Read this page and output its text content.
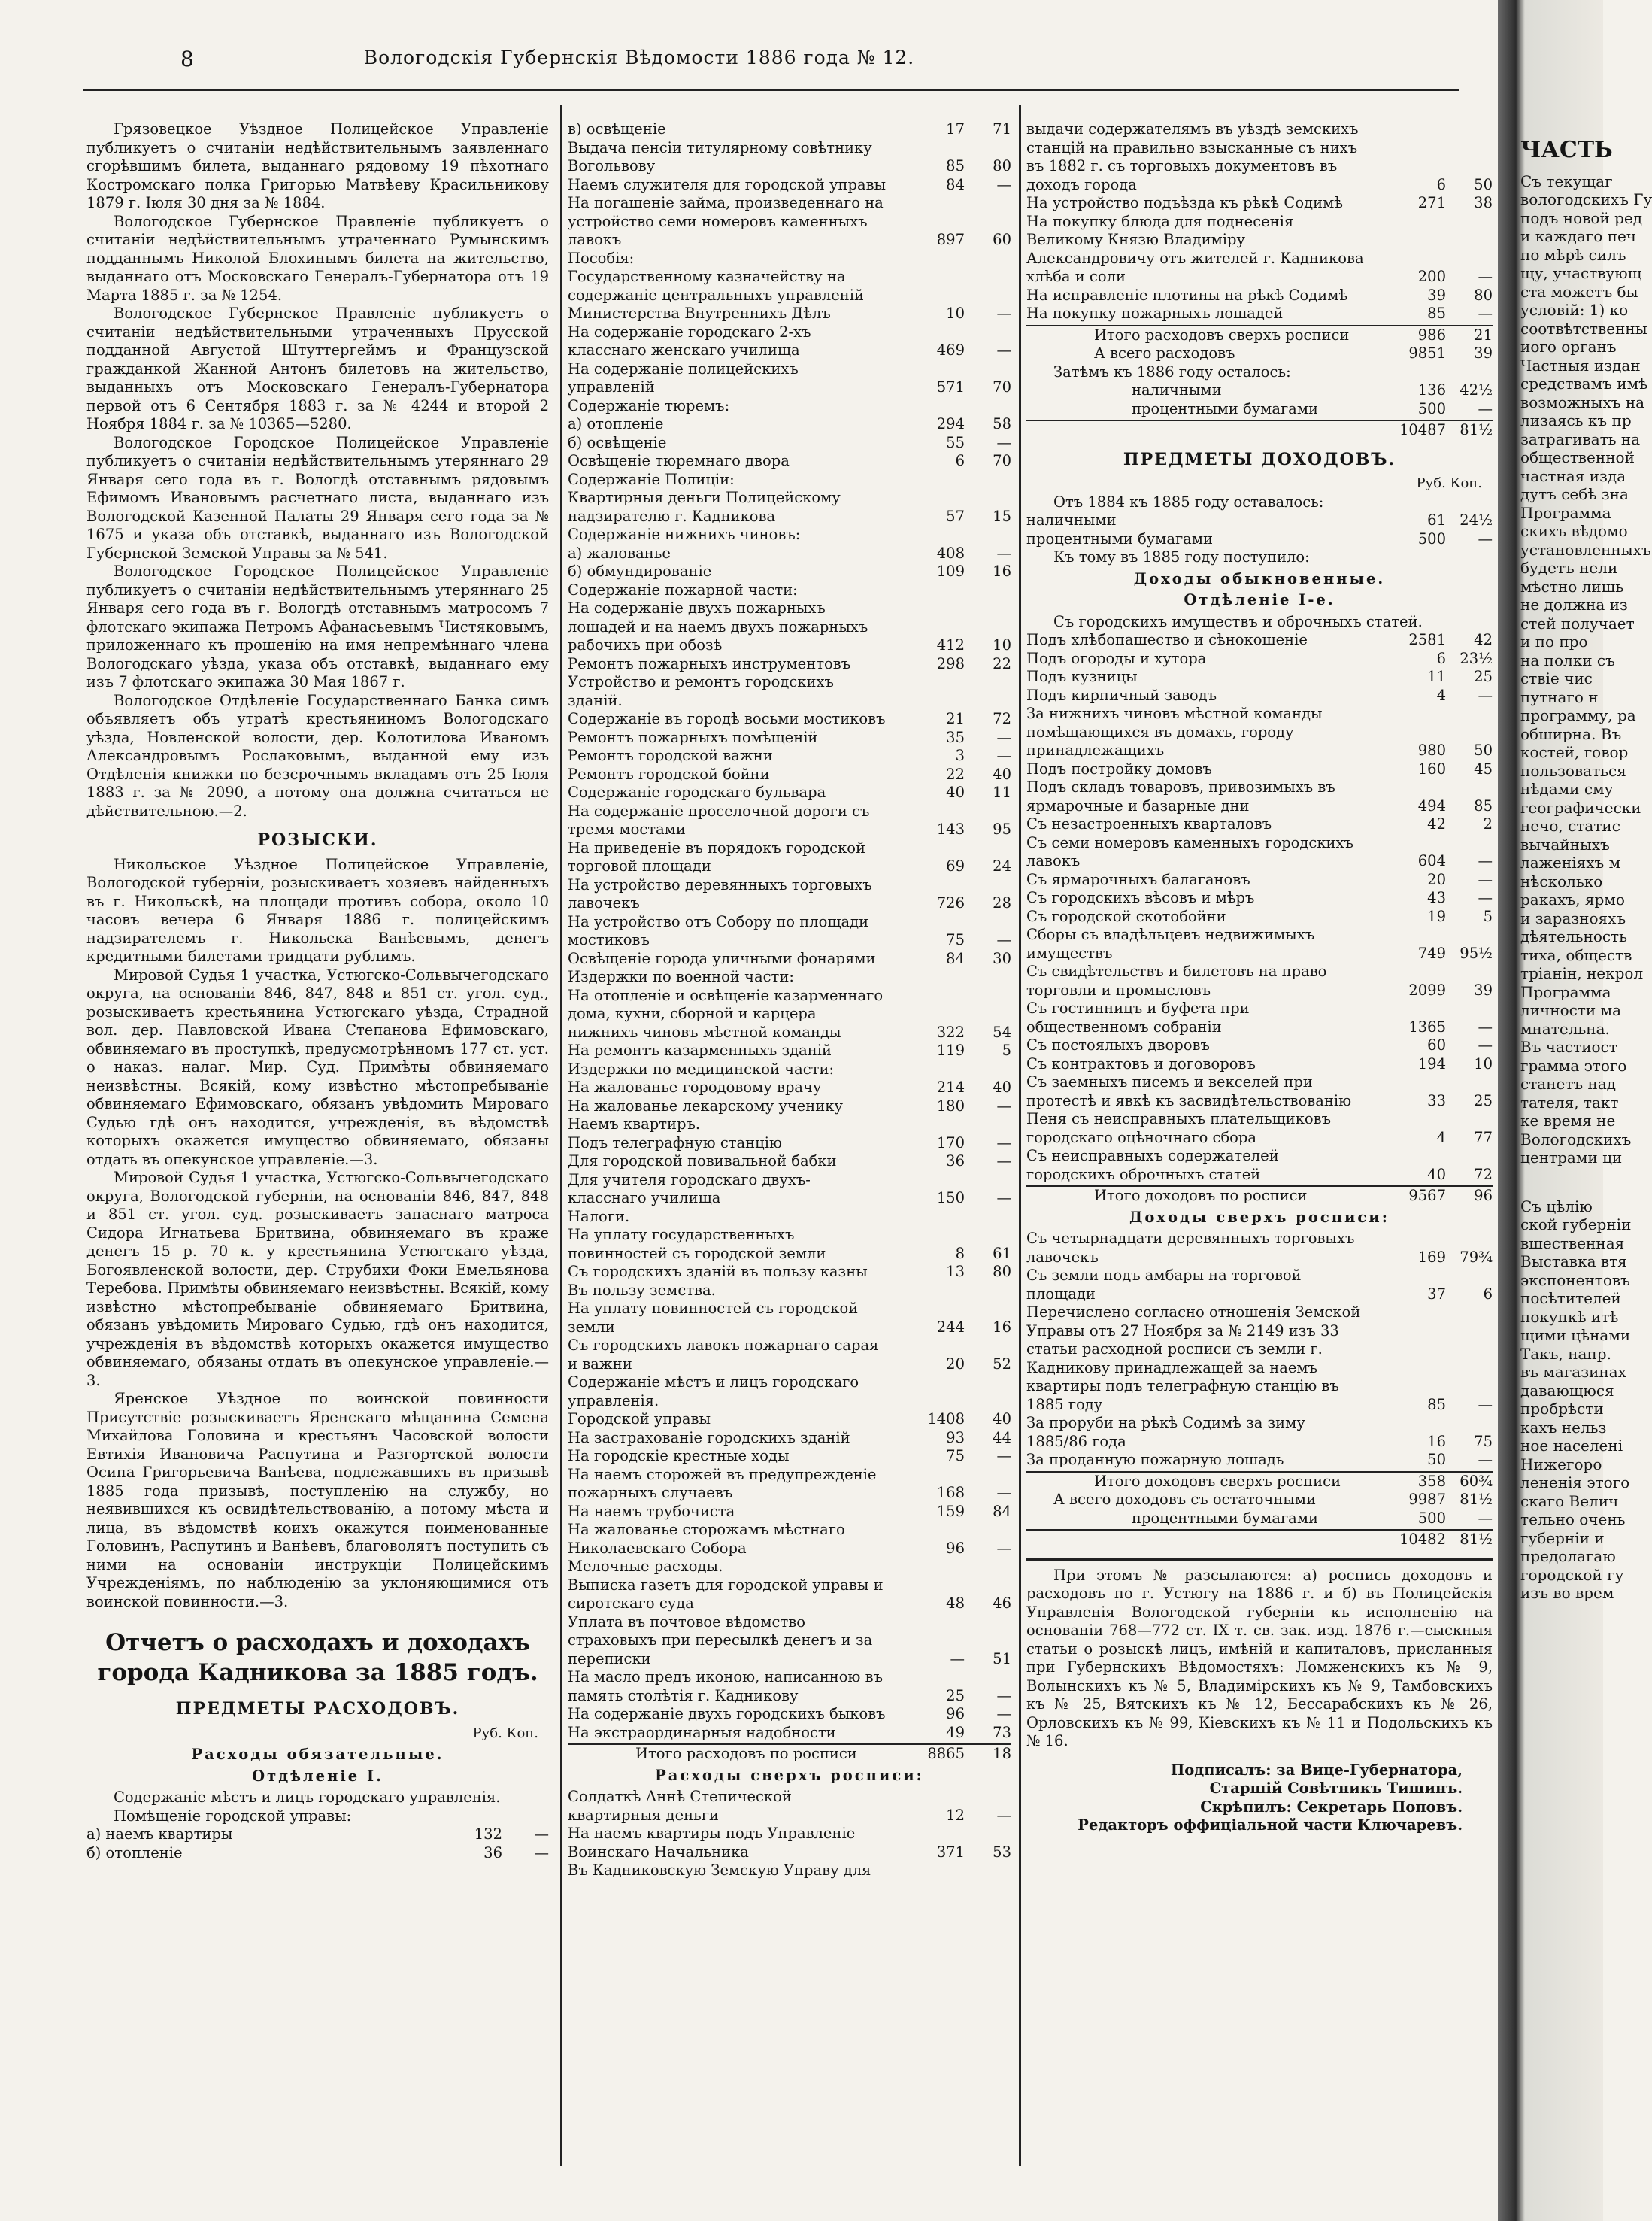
8	Вологодскія Губернскія Вѣдомости 1886 года № 12.

Грязовецкое Уѣздное Полицейское Управленіе публикуетъ о считаніи недѣйствительнымъ заявленнаго сгорѣвшимъ билета, выданнаго рядовому 19 пѣхотнаго Костромскаго полка Григорью Матвѣеву Красильникову 1879 г. Іюля 30 дня за № 1884.

Вологодское Губернское Правленіе публикуетъ о считаніи недѣйствительнымъ утраченнаго Румынскимъ подданнымъ Николой Блохинымъ билета на жительство, выданнаго отъ Московскаго Генералъ-Губернатора отъ 19 Марта 1885 г. за № 1254.

Вологодское Губернское Правленіе публикуетъ о считаніи недѣйствительными утраченныхъ Прусской подданной Августой Штуттергеймъ и Французской гражданкой Жанной Антонъ билетовъ на жительство, выданныхъ отъ Московскаго Генералъ-Губернатора первой отъ 6 Сентября 1883 г. за № 4244 и второй 2 Ноября 1884 г. за № 10365—5280.

Вологодское Городское Полицейское Управленіе публикуетъ о считаніи недѣйствительнымъ утеряннаго 29 Января сего года въ г. Вологдѣ отставнымъ рядовымъ Ефимомъ Ивановымъ расчетнаго листа, выданнаго изъ Вологодской Казенной Палаты 29 Января сего года за № 1675 и указа объ отставкѣ, выданнаго изъ Вологодской Губернской Земской Управы за № 541.

Вологодское Городское Полицейское Управленіе публикуетъ о считаніи недѣйствительнымъ утеряннаго 25 Января сего года въ г. Вологдѣ отставнымъ матросомъ 7 флотскаго экипажа Петромъ Афанасьевымъ Чистяковымъ, приложеннаго къ прошенію на имя непремѣннаго члена Вологодскаго уѣзда, указа объ отставкѣ, выданнаго ему изъ 7 флотскаго экипажа 30 Мая 1867 г.

Вологодское Отдѣленіе Государственнаго Банка симъ объявляетъ объ утратѣ крестьяниномъ Вологодскаго уѣзда, Новленской волости, дер. Колотилова Иваномъ Александровымъ Рослаковымъ, выданной ему изъ Отдѣленія книжки по безсрочнымъ вкладамъ отъ 25 Іюля 1883 г. за № 2090, а потому она должна считаться не дѣйствительною.—2.

РОЗЫСКИ.

Никольское Уѣздное Полицейское Управленіе, Вологодской губерніи, розыскиваетъ хозяевъ найденныхъ въ г. Никольскѣ, на площади противъ собора, около 10 часовъ вечера 6 Января 1886 г. полицейскимъ надзирателемъ г. Никольска Ванѣевымъ, денегъ кредитными билетами тридцати рублимъ.

Мировой Судья 1 участка, Устюгско-Сольвычегодскаго округа, на основаніи 846, 847, 848 и 851 ст. угол. суд., розыскиваетъ крестьянина Устюгскаго уѣзда, Страдной вол. дер. Павловской Ивана Степанова Ефимовскаго, обвиняемаго въ проступкѣ, предусмотрѣнномъ 177 ст. уст. о наказ. налаг. Мир. Суд. Примѣты обвиняемаго неизвѣстны. Всякій, кому извѣстно мѣстопребываніе обвиняемаго Ефимовскаго, обязанъ увѣдомить Мироваго Судью гдѣ онъ находится, учрежденія, въ вѣдомствѣ которыхъ окажется имущество обвиняемаго, обязаны отдать въ опекунское управленіе.—3.

Мировой Судья 1 участка, Устюгско-Сольвычегодскаго округа, Вологодской губерніи, на основаніи 846, 847, 848 и 851 ст. угол. суд. розыскиваетъ запаснаго матроса Сидора Игнатьева Бритвина, обвиняемаго въ краже денегъ 15 р. 70 к. у крестьянина Устюгскаго уѣзда, Богоявленской волости, дер. Струбихи Фоки Емельянова Теребова. Примѣты обвиняемаго неизвѣстны. Всякій, кому извѣстно мѣстопребываніе обвиняемаго Бритвина, обязанъ увѣдомить Мироваго Судью, гдѣ онъ находится, учрежденія въ вѣдомствѣ которыхъ окажется имущество обвиняемаго, обязаны отдать въ опекунское управленіе.—3.

Яренское Уѣздное по воинской повинности Присутствіе розыскиваетъ Яренскаго мѣщанина Семена Михайлова Головина и крестьянъ Часовской волости Евтихія Ивановича Распутина и Разгортской волости Осипа Григорьевича Ванѣева, подлежавшихъ въ призывѣ 1885 года призывѣ, поступленію на службу, но неявившихся къ освидѣтельствованію, а потому мѣста и лица, въ вѣдомствѣ коихъ окажутся поименованные Головинъ, Распутинъ и Ванѣевъ, благоволятъ поступить съ ними на основаніи инструкціи Полицейскимъ Учрежденіямъ, по наблюденію за уклоняющимися отъ воинской повинности.—3.

Отчетъ о расходахъ и доходахъ города Кадникова за 1885 годъ.
ПРЕДМЕТЫ РАСХОДОВЪ.
Руб. Коп.
Расходы обязательные.
Отдѣленіе I.

Содержаніе мѣстъ и лицъ городскаго управленія.

Помѣщеніе городской управы:

а) наемъ квартиры	132	—
б) отопленіе	36	—
в) освѣщеніе	17	71
Выдача пенсіи титулярному совѣтнику Вогольвову	85	80
Наемъ служителя для городской управы	84	—
На погашеніе займа, произведеннаго на устройство семи номеровъ каменныхъ лавокъ	897	60
Пособія:
Государственному казначейству на содержаніе центральныхъ управленій Министерства Внутреннихъ Дѣлъ	10	—
На содержаніе городскаго 2-хъ класснаго женскаго училища	469	—
На содержаніе полицейскихъ управленій	571	70
Содержаніе тюремъ:
а) отопленіе	294	58
б) освѣщеніе	55	—
Освѣщеніе тюремнаго двора	6	70
Содержаніе Полиціи:
Квартирныя деньги Полицейскому надзирателю г. Кадникова	57	15
Содержаніе нижнихъ чиновъ:
а) жалованье	408	—
б) обмундированіе	109	16
Содержаніе пожарной части:
На содержаніе двухъ пожарныхъ лошадей и на наемъ двухъ пожарныхъ рабочихъ при обозѣ	412	10
Ремонтъ пожарныхъ инструментовъ	298	22
Устройство и ремонтъ городскихъ зданій.
Содержаніе въ городѣ восьми мостиковъ	21	72
Ремонтъ пожарныхъ помѣщеній	35	—
Ремонтъ городской важни	3	—
Ремонтъ городской бойни	22	40
Содержаніе городскаго бульвара	40	11
На содержаніе проселочной дороги съ тремя мостами	143	95
На приведеніе въ порядокъ городской торговой площади	69	24
На устройство деревянныхъ торговыхъ лавочекъ	726	28
На устройство отъ Собору по площади мостиковъ	75	—
Освѣщеніе города уличными фонарями	84	30
Издержки по военной части:
На отопленіе и освѣщеніе казарменнаго дома, кухни, сборной и карцера нижнихъ чиновъ мѣстной команды	322	54
На ремонтъ казарменныхъ зданій	119	5
Издержки по медицинской части:
На жалованье городовому врачу	214	40
На жалованье лекарскому ученику	180	—
Наемъ квартиръ.
Подъ телеграфную станцію	170	—
Для городской повивальной бабки	36	—
Для учителя городскаго двухъ-класснаго училища	150	—
Налоги.
На уплату государственныхъ повинностей съ городской земли	8	61
Съ городскихъ зданій въ пользу казны	13	80
Въ пользу земства.
На уплату повинностей съ городской земли	244	16
Съ городскихъ лавокъ пожарнаго сарая и важни	20	52
Содержаніе мѣстъ и лицъ городскаго управленія.
Городской управы	1408	40
На застрахованіе городскихъ зданій	93	44
На городскіе крестные ходы	75	—
На наемъ сторожей въ предупрежденіе пожарныхъ случаевъ	168	—
На наемъ трубочиста	159	84
На жалованье сторожамъ мѣстнаго Николаевскаго Собора	96	—
Мелочные расходы.
Выписка газетъ для городской управы и сиротскаго суда	48	46
Уплата въ почтовое вѣдомство страховыхъ при пересылкѣ денегъ и за переписки	—	51
На масло предъ иконою, написанною въ память столѣтія г. Кадникову	25	—
На содержаніе двухъ городскихъ быковъ	96	—
На экстраординарныя надобности	49	73
Итого расходовъ по росписи	8865	18
Расходы сверхъ росписи:
Солдаткѣ Аннѣ Степической квартирныя деньги	12	—
На наемъ квартиры подъ Управленіе Воинскаго Начальника	371	53
Въ Кадниковскую Земскую Управу для
выдачи содержателямъ въ уѣздѣ земскихъ станцій на правильно взысканные съ нихъ въ 1882 г. съ торговыхъ документовъ въ доходъ города	6	50
На устройство подъѣзда къ рѣкѣ Содимѣ	271	38
На покупку блюда для поднесенія Великому Князю Владиміру Александровичу отъ жителей г. Кадникова хлѣба и соли	200	—
На исправленіе плотины на рѣкѣ Содимѣ	39	80
На покупку пожарныхъ лошадей	85	—
Итого расходовъ сверхъ росписи	986	21
А всего расходовъ	9851	39

Затѣмъ къ 1886 году осталось:

наличными	136 42½
процентными бумагами	500	—
10487 81½
ПРЕДМЕТЫ ДОХОДОВЪ.
Руб. Коп.

Отъ 1884 къ 1885 году оставалось:

наличными	61 24½
процентными бумагами	500	—

Къ тому въ 1885 году поступило:

Доходы обыкновенные.
Отдѣленіе I-е.

Съ городскихъ имуществъ и оброчныхъ статей.

Подъ хлѣбопашество и сѣнокошеніе	2581	42
Подъ огороды и хутора	6 23½
Подъ кузницы	11	25
Подъ кирпичный заводъ	4	—
За нижнихъ чиновъ мѣстной команды помѣщающихся въ домахъ, городу принадлежащихъ	980	50
Подъ постройку домовъ	160	45
Подъ складъ товаровъ, привозимыхъ въ ярмарочные и базарные дни	494	85
Съ незастроенныхъ кварталовъ	42	2
Съ семи номеровъ каменныхъ городскихъ лавокъ	604	—
Съ ярмарочныхъ балагановъ	20	—
Съ городскихъ вѣсовъ и мѣръ	43	—
Съ городской скотобойни	19	5
Сборы съ владѣльцевъ недвижимыхъ имуществъ	749 95½
Съ свидѣтельствъ и билетовъ на право торговли и промысловъ	2099	39
Съ гостинницъ и буфета при общественномъ собраніи	1365	—
Съ постоялыхъ дворовъ	60	—
Съ контрактовъ и договоровъ	194	10
Съ заемныхъ писемъ и векселей при протестѣ и явкѣ къ засвидѣтельствованію	33	25
Пеня съ неисправныхъ плательщиковъ городскаго оцѣночнаго сбора	4	77
Съ неисправныхъ содержателей городскихъ оброчныхъ статей	40	72
Итого доходовъ по росписи	9567	96
Доходы сверхъ росписи:
Съ четырнадцати деревянныхъ торговыхъ лавочекъ	169 79¾
Съ земли подъ амбары на торговой площади	37	6
Перечислено согласно отношенія Земской Управы отъ 27 Ноября за № 2149 изъ 33 статьи расходной росписи съ земли г. Кадникову принадлежащей за наемъ квартиры подъ телеграфную станцію въ 1885 году	85	—
За проруби на рѣкѣ Содимѣ за зиму 1885/86 года	16	75
За проданную пожарную лошадь	50	—
Итого доходовъ сверхъ росписи	358 60¾
А всего доходовъ съ остаточными	9987 81½
процентными бумагами	500	—
10482 81½

При этомъ № разсылаются: а) роспись доходовъ и расходовъ по г. Устюгу на 1886 г. и б) въ Полицейскія Управленія Вологодской губерніи къ исполненію на основаніи 768—772 ст. IX т. св. зак. изд. 1876 г.—сыскныя статьи о розыскѣ лицъ, имѣній и капиталовъ, присланныя при Губернскихъ Вѣдомостяхъ: Ломженскихъ къ № 9, Волынскихъ къ № 5, Владимірскихъ къ № 9, Тамбовскихъ къ № 25, Вятскихъ къ № 12, Бессарабскихъ къ № 26, Орловскихъ къ № 99, Кіевскихъ къ № 11 и Подольскихъ къ № 16.

Подписалъ: за Вице-Губернатора,
Старшій Совѣтникъ Тишинъ.
Скрѣпилъ: Секретарь Поповъ.
Редакторъ оффиціальной части Ключаревъ.
ЧАСТЬ
Съ текущаг
вологодскихъ Гу
подъ новой ред
и каждаго печ
по мѣрѣ силъ
щу, участвующ
ста можетъ бы
условій: 1) ко
соотвѣтственны
иого органъ
Частныя издан
средствамъ имѣ
возможныхъ на
лизаясь къ пр
затрагивать на
общественной
частная изда
дутъ себѣ зна
Программа
скихъ вѣдомо
установленныхъ
будетъ нели
мѣстно лишь
не должна из
стей получает
и по про
на полки съ
ствіе чис
путнаго н
программу, ра
обширна. Въ
костей, говор
пользоваться
нѣдами сму
географически
нечо, статис
вычайныхъ
лаженіяхъ м
нѣсколько
ракахъ, ярмо
и заразнояхъ
дѣятельность
тиха, обществ
тріанін, некрол
Программа
личности ма
мнательна.
Въ частиост
грамма этого
станетъ над
тателя, такт
ке время не
Вологодскихъ
центрами ци
Съ цѣлію
ской губерніи
вшественная
Выставка втя
экспонентовъ
посѣтителей
покупкѣ итѣ
щими цѣнами
Такъ, напр.
въ магазинах
давающюся
пробрѣсти
кахъ нельз
ное населені
Нижегоро
лененія этого
скаго Велич
тельно очень
губерніи и
предолагаю
городской гу
изъ во врем
